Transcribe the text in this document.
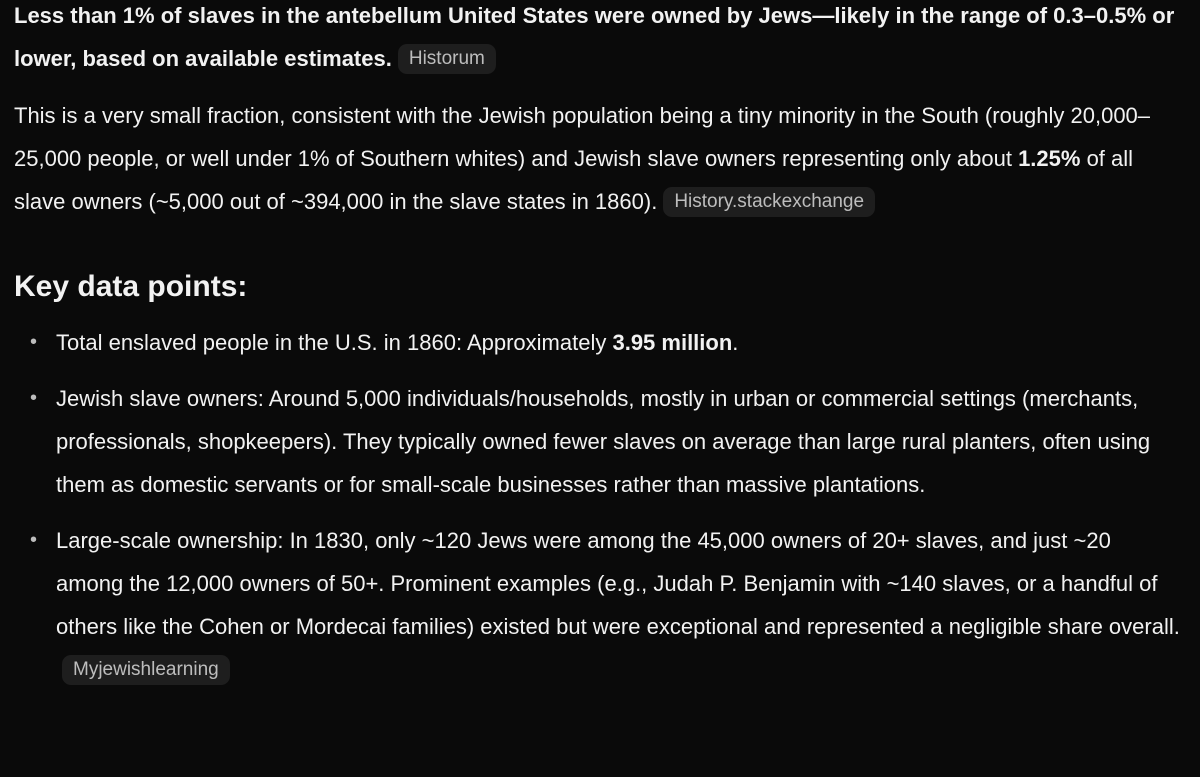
Less than 1% of slaves in the antebellum United States were owned by Jews—likely in the range of 0.3–0.5% or lower, based on available estimates. Historum

This is a very small fraction, consistent with the Jewish population being a tiny minority in the South (roughly 20,000–25,000 people, or well under 1% of Southern whites) and Jewish slave owners representing only about 1.25% of all slave owners (~5,000 out of ~394,000 in the slave states in 1860). History.stackexchange

Key data points:
• Total enslaved people in the U.S. in 1860: Approximately 3.95 million.
• Jewish slave owners: Around 5,000 individuals/households, mostly in urban or commercial settings (merchants, professionals, shopkeepers). They typically owned fewer slaves on average than large rural planters, often using them as domestic servants or for small-scale businesses rather than massive plantations.
• Large-scale ownership: In 1830, only ~120 Jews were among the 45,000 owners of 20+ slaves, and just ~20 among the 12,000 owners of 50+. Prominent examples (e.g., Judah P. Benjamin with ~140 slaves, or a handful of others like the Cohen or Mordecai families) existed but were exceptional and represented a negligible share overall.Myjewishlearning
